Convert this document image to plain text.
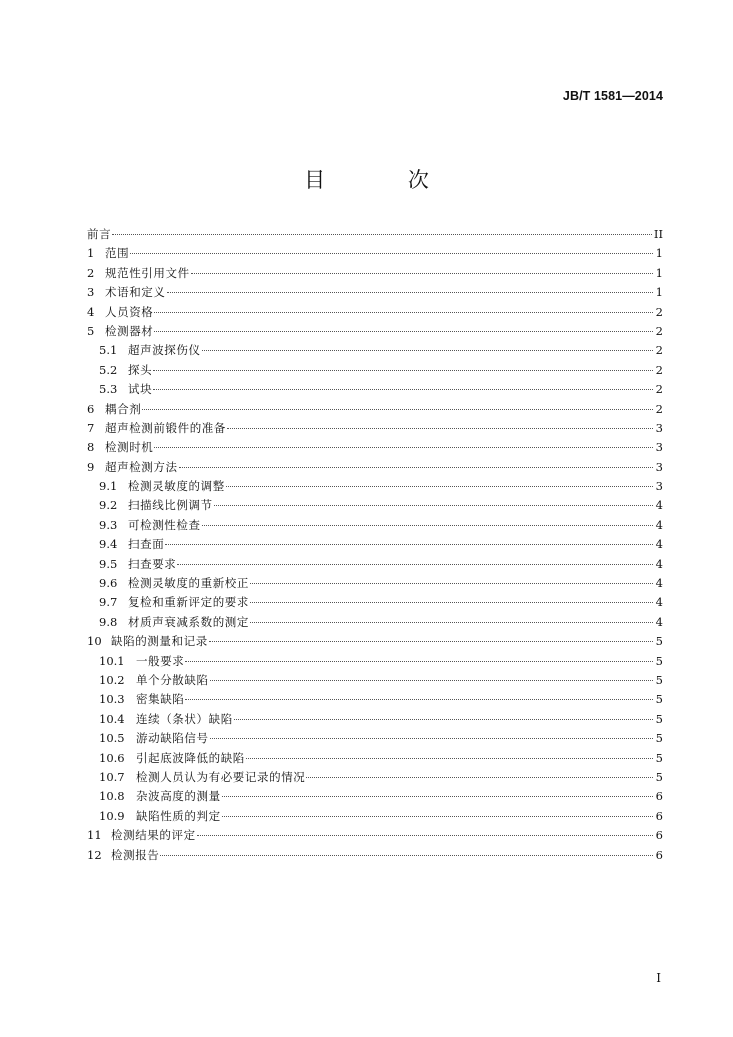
JB/T 1581—2014
目 次
前言	II
1 范围	1
2 规范性引用文件	1
3 术语和定义	1
4 人员资格	2
5 检测器材	2
5.1 超声波探伤仪	2
5.2 探头	2
5.3 试块	2
6 耦合剂	2
7 超声检测前锻件的准备	3
8 检测时机	3
9 超声检测方法	3
9.1 检测灵敏度的调整	3
9.2 扫描线比例调节	4
9.3 可检测性检查	4
9.4 扫查面	4
9.5 扫查要求	4
9.6 检测灵敏度的重新校正	4
9.7 复检和重新评定的要求	4
9.8 材质声衰减系数的测定	4
10 缺陷的测量和记录	5
10.1 一般要求	5
10.2 单个分散缺陷	5
10.3 密集缺陷	5
10.4 连续（条状）缺陷	5
10.5 游动缺陷信号	5
10.6 引起底波降低的缺陷	5
10.7 检测人员认为有必要记录的情况	5
10.8 杂波高度的测量	6
10.9 缺陷性质的判定	6
11 检测结果的评定	6
12 检测报告	6
I
